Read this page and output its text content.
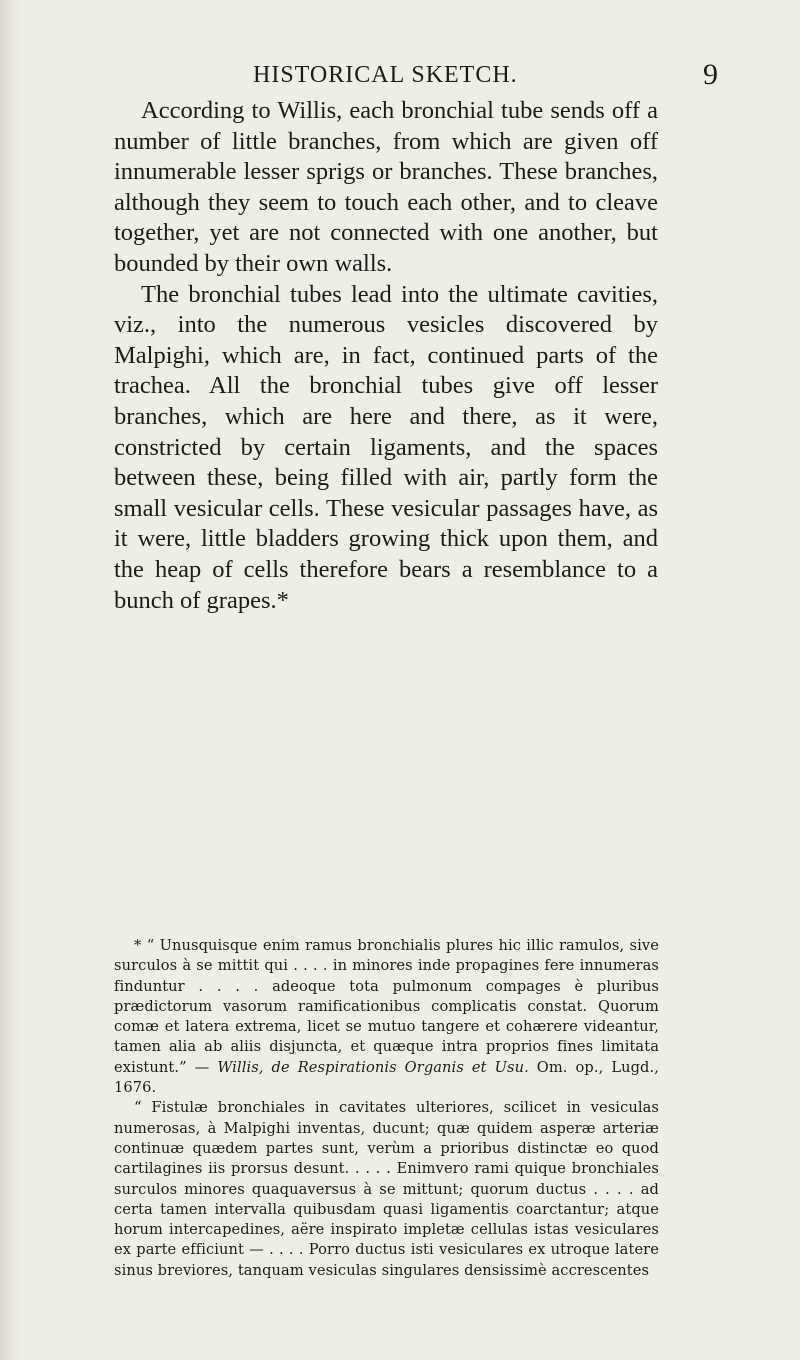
HISTORICAL SKETCH.	9

According to Willis, each bronchial tube sends off a number of little branches, from which are given off innumerable lesser sprigs or branches. These branches, although they seem to touch each other, and to cleave together, yet are not connected with one another, but bounded by their own walls.

The bronchial tubes lead into the ultimate cavities, viz., into the numerous vesicles discovered by Malpighi, which are, in fact, continued parts of the trachea. All the bronchial tubes give off lesser branches, which are here and there, as it were, constricted by certain ligaments, and the spaces between these, being filled with air, partly form the small vesicular cells. These vesicular passages have, as it were, little bladders growing thick upon them, and the heap of cells therefore bears a resemblance to a bunch of grapes.*

* “ Unusquisque enim ramus bronchialis plures hic illic ramulos, sive surculos à se mittit qui . . . . in minores inde propagines fere innumeras finduntur . . . . adeoque tota pulmonum compages è pluribus prædictorum vasorum ramificationibus complicatis constat. Quorum comæ et latera extrema, licet se mutuo tangere et cohærere videantur, tamen alia ab aliis disjuncta, et quæque intra proprios fines limitata existunt.” — Willis, de Respirationis Organis et Usu. Om. op., Lugd., 1676.

“ Fistulæ bronchiales in cavitates ulteriores, scilicet in vesiculas numerosas, à Malpighi inventas, ducunt; quæ quidem asperæ arteriæ continuæ quædem partes sunt, verùm a prioribus distinctæ eo quod cartilagines iis prorsus desunt. . . . . Enimvero rami quique bronchiales surculos minores quaquaversus à se mittunt; quorum ductus . . . . ad certa tamen intervalla quibusdam quasi ligamentis coarctantur; atque horum intercapedines, aëre inspirato impletæ cellulas istas vesiculares ex parte efficiunt — . . . . Porro ductus isti vesiculares ex utroque latere sinus breviores, tanquam vesiculas singulares densissimè accrescentes
